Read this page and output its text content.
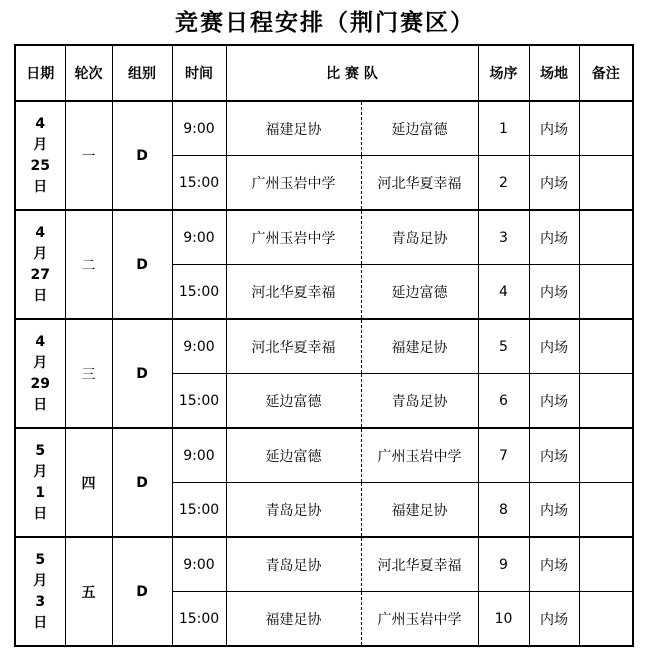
竞赛日程安排（荆门赛区）
日期	轮次	组别	时间	比 赛 队		场序	场地	备注

4
月
25
日	一	D	9:00	福建足协	延边富德	1	内场	
			15:00	广州玉岩中学	河北华夏幸福	2	内场	

4
月
27
日	二	D	9:00	广州玉岩中学	青岛足协	3	内场	
			15:00	河北华夏幸福	延边富德	4	内场	

4
月
29
日	三	D	9:00	河北华夏幸福	福建足协	5	内场	
			15:00	延边富德	青岛足协	6	内场	

5
月
1
日	四	D	9:00	延边富德	广州玉岩中学	7	内场	
			15:00	青岛足协	福建足协	8	内场	

5
月
3
日	五	D	9:00	青岛足协	河北华夏幸福	9	内场	
			15:00	福建足协	广州玉岩中学	10	内场	
